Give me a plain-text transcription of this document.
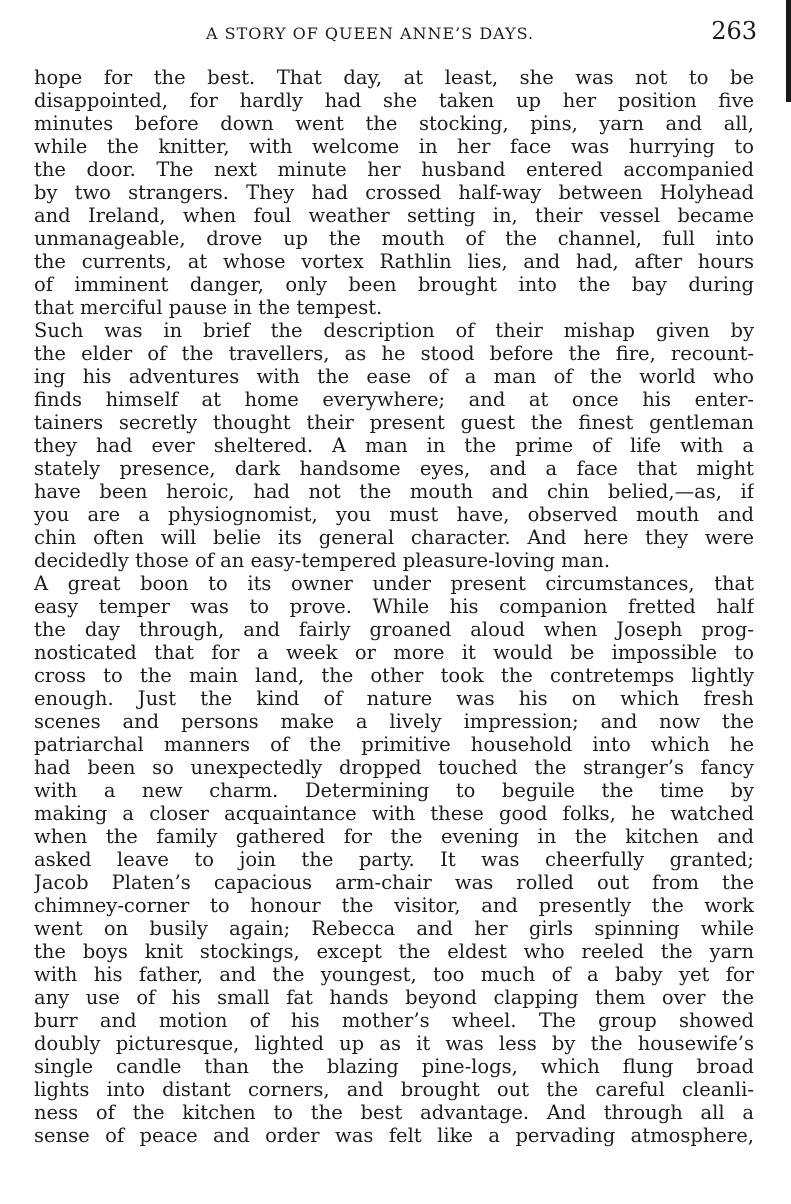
A STORY OF QUEEN ANNE’S DAYS.	263
hope for the best. That day, at least, she was not to be
disappointed, for hardly had she taken up her position five
minutes before down went the stocking, pins, yarn and all,
while the knitter, with welcome in her face was hurrying to
the door. The next minute her husband entered accompanied
by two strangers. They had crossed half-way between Holyhead
and Ireland, when foul weather setting in, their vessel became
unmanageable, drove up the mouth of the channel, full into
the currents, at whose vortex Rathlin lies, and had, after hours
of imminent danger, only been brought into the bay during
that merciful pause in the tempest.
Such was in brief the description of their mishap given by
the elder of the travellers, as he stood before the fire, recount-
ing his adventures with the ease of a man of the world who
finds himself at home everywhere; and at once his enter-
tainers secretly thought their present guest the finest gentleman
they had ever sheltered. A man in the prime of life with a
stately presence, dark handsome eyes, and a face that might
have been heroic, had not the mouth and chin belied,—as, if
you are a physiognomist, you must have, observed mouth and
chin often will belie its general character. And here they were
decidedly those of an easy-tempered pleasure-loving man.
A great boon to its owner under present circumstances, that
easy temper was to prove. While his companion fretted half
the day through, and fairly groaned aloud when Joseph prog-
nosticated that for a week or more it would be impossible to
cross to the main land, the other took the contretemps lightly
enough. Just the kind of nature was his on which fresh
scenes and persons make a lively impression; and now the
patriarchal manners of the primitive household into which he
had been so unexpectedly dropped touched the stranger’s fancy
with a new charm. Determining to beguile the time by
making a closer acquaintance with these good folks, he watched
when the family gathered for the evening in the kitchen and
asked leave to join the party. It was cheerfully granted;
Jacob Platen’s capacious arm-chair was rolled out from the
chimney-corner to honour the visitor, and presently the work
went on busily again; Rebecca and her girls spinning while
the boys knit stockings, except the eldest who reeled the yarn
with his father, and the youngest, too much of a baby yet for
any use of his small fat hands beyond clapping them over the
burr and motion of his mother’s wheel. The group showed
doubly picturesque, lighted up as it was less by the housewife’s
single candle than the blazing pine-logs, which flung broad
lights into distant corners, and brought out the careful cleanli-
ness of the kitchen to the best advantage. And through all a
sense of peace and order was felt like a pervading atmosphere,
